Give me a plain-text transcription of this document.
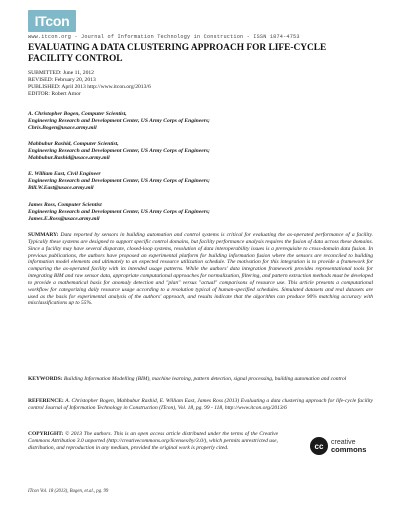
ITcon
www.itcon.org - Journal of Information Technology in Construction - ISSN 1874-4753
EVALUATING A DATA CLUSTERING APPROACH FOR LIFE-CYCLE FACILITY CONTROL
SUBMITTED: June 11, 2012
REVISED: February 20, 2013
PUBLISHED: April 2013 http://www.itcon.org/2013/6
EDITOR: Robert Amor
A. Christopher Bogen, Computer Scientist,
Engineering Research and Development Center, US Army Corps of Engineers;
Chris.Bogen@usace.army.mil
Mahbubur Rashid, Computer Scientist,
Engineering Research and Development Center, US Army Corps of Engineers;
Mahbubur.Rashid@usace.army.mil
E. William East, Civil Engineer
Engineering Research and Development Center, US Army Corps of Engineers;
Bill.W.East@usace.army.mil
James Ross, Computer Scientist
Engineering Research and Development Center, US Army Corps of Engineers;
James.E.Ross@usace.army.mil

SUMMARY: Data reported by sensors in building automation and control systems is critical for evaluating the as-operated performance of a facility. Typically these systems are designed to support specific control domains, but facility performance analysis requires the fusion of data across these domains. Since a facility may have several disparate, closed-loop systems, resolution of data interoperability issues is a prerequisite to cross-domain data fusion. In previous publications, the authors have proposed an experimental platform for building information fusion where the sensors are reconciled to building information model elements and ultimately to an expected resource utilization schedule. The motivation for this integration is to provide a framework for comparing the as-operated facility with its intended usage patterns. While the authors' data integration framework provides representational tools for integrating BIM and raw sensor data, appropriate computational approaches for normalization, filtering, and pattern extraction methods must be developed to provide a mathematical basis for anomaly detection and "plan" versus "actual" comparisons of resource use. This article presents a computational workflow for categorizing daily resource usage according to a resolution typical of human-specified schedules. Simulated datasets and real datasets are used as the basis for experimental analysis of the authors' approach, and results indicate that the algorithm can produce 90% matching accuracy with misclassifications up to 55%.

KEYWORDS: Building Information Modelling (BIM), machine learning, pattern detection, signal processing, building automation and control

REFERENCE: A. Christopher Bogen, Mahbubur Rashid, E. William East, James Ross (2013) Evaluating a data clustering approach for life-cycle facility control Journal of Information Technology in Construction (ITcon), Vol. 18, pg. 99 - 118, http://www.itcon.org/2013/6

COPYRIGHT: © 2013 The authors. This is an open access article distributed under the terms of the Creative Commons Attribution 3.0 unported (http://creativecommons.org/licenses/by/3.0/), which permits unrestricted use, distribution, and reproduction in any medium, provided the original work is properly cited.	cc	creative
commons
ITcon Vol. 18 (2013), Bogen, et.al., pg. 99
